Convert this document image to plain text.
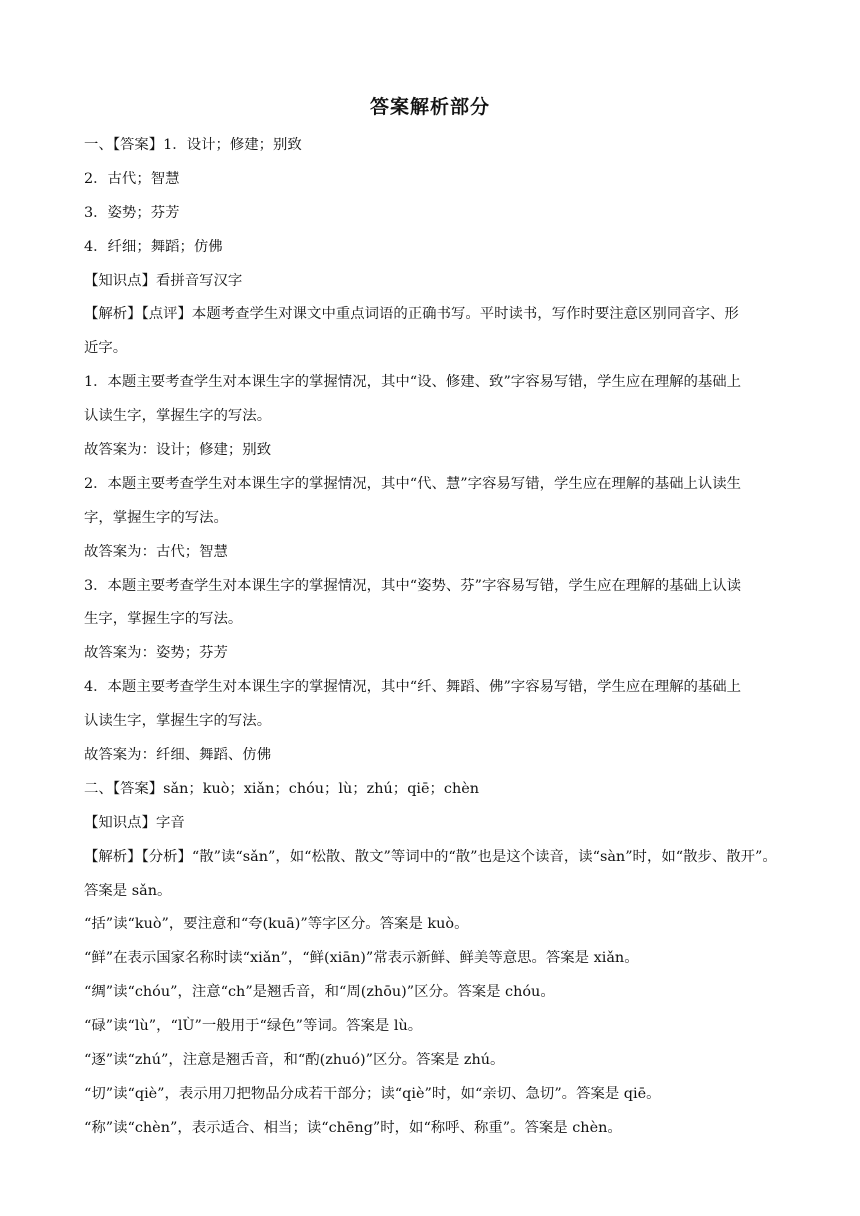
答案解析部分
一、【答案】1．设计；修建；别致
2．古代；智慧
3．姿势；芬芳
4．纤细；舞蹈；仿佛
【知识点】看拼音写汉字
【解析】【点评】本题考查学生对课文中重点词语的正确书写。平时读书，写作时要注意区别同音字、形
近字。
1．本题主要考查学生对本课生字的掌握情况，其中“设、修建、致”字容易写错，学生应在理解的基础上
认读生字，掌握生字的写法。
故答案为：设计；修建；别致
2．本题主要考查学生对本课生字的掌握情况，其中“代、慧”字容易写错，学生应在理解的基础上认读生
字，掌握生字的写法。
故答案为：古代；智慧
3．本题主要考查学生对本课生字的掌握情况，其中“姿势、芬”字容易写错，学生应在理解的基础上认读
生字，掌握生字的写法。
故答案为：姿势；芬芳
4．本题主要考查学生对本课生字的掌握情况，其中“纤、舞蹈、佛”字容易写错，学生应在理解的基础上
认读生字，掌握生字的写法。
故答案为：纤细、舞蹈、仿佛
二、【答案】sǎn；kuò；xiǎn；chóu；lù；zhú；qiē；chèn
【知识点】字音
【解析】【分析】“散”读“sǎn”，如“松散、散文”等词中的“散”也是这个读音，读“sàn”时，如“散步、散开”。
答案是 sǎn。
“括”读“kuò”，要注意和“夸(kuā)”等字区分。答案是 kuò。
“鲜”在表示国家名称时读“xiǎn”，“鲜(xiān)”常表示新鲜、鲜美等意思。答案是 xiǎn。
“绸”读“chóu”，注意“ch”是翘舌音，和“周(zhōu)”区分。答案是 chóu。
“碌”读“lù”，“lÙ”一般用于“绿色”等词。答案是 lù。
“逐”读“zhú”，注意是翘舌音，和“酌(zhuó)”区分。答案是 zhú。
“切”读“qiè”，表示用刀把物品分成若干部分；读“qiè”时，如“亲切、急切”。答案是 qiē。
“称”读“chèn”，表示适合、相当；读“chēng”时，如“称呼、称重”。答案是 chèn。
